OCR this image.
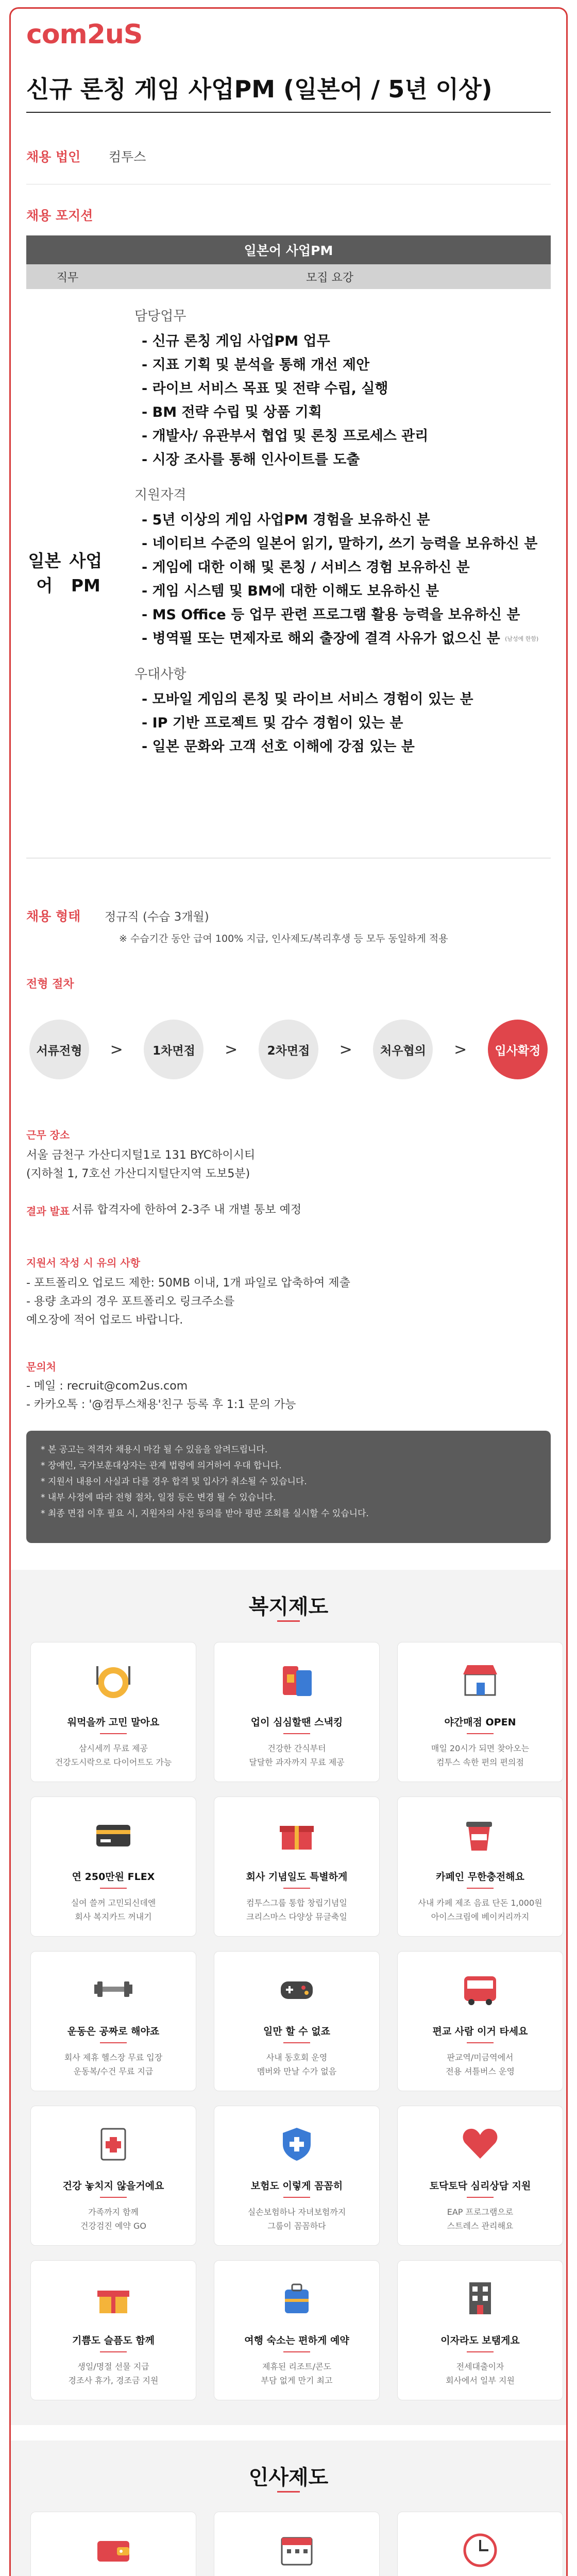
com2uS
신규 론칭 게임 사업PM (일본어 / 5년 이상)
채용 법인 컴투스
채용 포지션
일본어 사업PM
직무	모집 요강
일본어

사업PM
담당업무
- 신규 론칭 게임 사업PM 업무
- 지표 기획 및 분석을 통해 개선 제안
- 라이브 서비스 목표 및 전략 수립, 실행
- BM 전략 수립 및 상품 기획
- 개발사/ 유관부서 협업 및 론칭 프로세스 관리
- 시장 조사를 통해 인사이트를 도출
지원자격
- 5년 이상의 게임 사업PM 경험을 보유하신 분
- 네이티브 수준의 일본어 읽기, 말하기, 쓰기 능력을 보유하신 분
- 게임에 대한 이해 및 론칭 / 서비스 경험 보유하신 분
- 게임 시스템 및 BM에 대한 이해도 보유하신 분
- MS Office 등 업무 관련 프로그램 활용 능력을 보유하신 분
- 병역필 또는 면제자로 해외 출장에 결격 사유가 없으신 분 (남성에 한함)
우대사항
- 모바일 게임의 론칭 및 라이브 서비스 경험이 있는 분
- IP 기반 프로젝트 및 감수 경험이 있는 분
- 일본 문화와 고객 선호 이해에 강점 있는 분
채용 형태 정규직 (수습 3개월)
※ 수습기간 동안 급여 100% 지급, 인사제도/복리후생 등 모두 동일하게 적용
전형 절차
서류전형	>	1차면접	>	2차면접	>	처우협의	>	입사확정
근무 장소
서울 금천구 가산디지털1로 131 BYC하이시티
(지하철 1, 7호선 가산디지털단지역 도보5분)
결과 발표 서류 합격자에 한하여 2-3주 내 개별 통보 예정
지원서 작성 시 유의 사항
- 포트폴리오 업로드 제한: 50MB 이내, 1개 파일로 압축하여 제출
- 용량 초과의 경우 포트폴리오 링크주소를
예오장에 적어 업로드 바랍니다.
문의처
- 메일 : recruit@com2us.com
- 카카오톡 : '@컴투스채용'친구 등록 후 1:1 문의 가능
* 본 공고는 적격자 채용시 마감 될 수 있음을 알려드립니다.
* 장애인, 국가보훈대상자는 관계 법령에 의거하여 우대 합니다.
* 지원서 내용이 사실과 다를 경우 합격 및 입사가 취소될 수 있습니다.
* 내부 사정에 따라 전형 절차, 일정 등은 변경 될 수 있습니다.
* 최종 면접 이후 필요 시, 지원자의 사전 동의를 받아 평판 조회를 실시할 수 있습니다.
복지제도
워먹을까 고민 말아요
삼시세끼 무료 제공
건강도시락으로 다이어트도 가능
업이 심심할땐 스낵킹
건강한 간식부터
달달한 과자까지 무료 제공
야간매점 OPEN
매일 20시가 되면 찾아오는
컴투스 속한 편의 편의점
연 250만원 FLEX
실여 쓸꺼 고민되신데엔
회사 복지카드 꺼내기
회사 기념일도 특별하게
컴투스그룹 통합 창립기념일
크리스마스 다양상 뮤글축일
카페인 무한충전해요
사내 카페 제조 음료 단돈 1,000원
아이스크림에 베이커리까지
운동은 공짜로 해야죠
회사 제휴 헬스장 무료 입장
운동복/수건 무료 지급
일만 할 수 없죠
사내 동호회 운영
멤버와 만날 수가 없음
편교 사람 이거 타세요
판교역/미금역에서
전용 셔틀버스 운영
건강 놓치지 않을거에요
가족까지 함께
건강검진 예약 GO
보험도 이렇게 꼼꼼히
실손보험하나 자녀보험까지
그룹이 꼼꼼하다
토닥토닥 심리상담 지원
EAP 프로그램으로
스트레스 관리해요
기쁨도 슬픔도 함께
생일/명절 선물 지급
경조사 휴가, 경조금 지원
여행 숙소는 편하게 예약
제휴된 리조트/콘도
부담 없게 만기 최고
이자라도 보탬게요
전세대출이자
회사에서 일부 지원
인사제도
